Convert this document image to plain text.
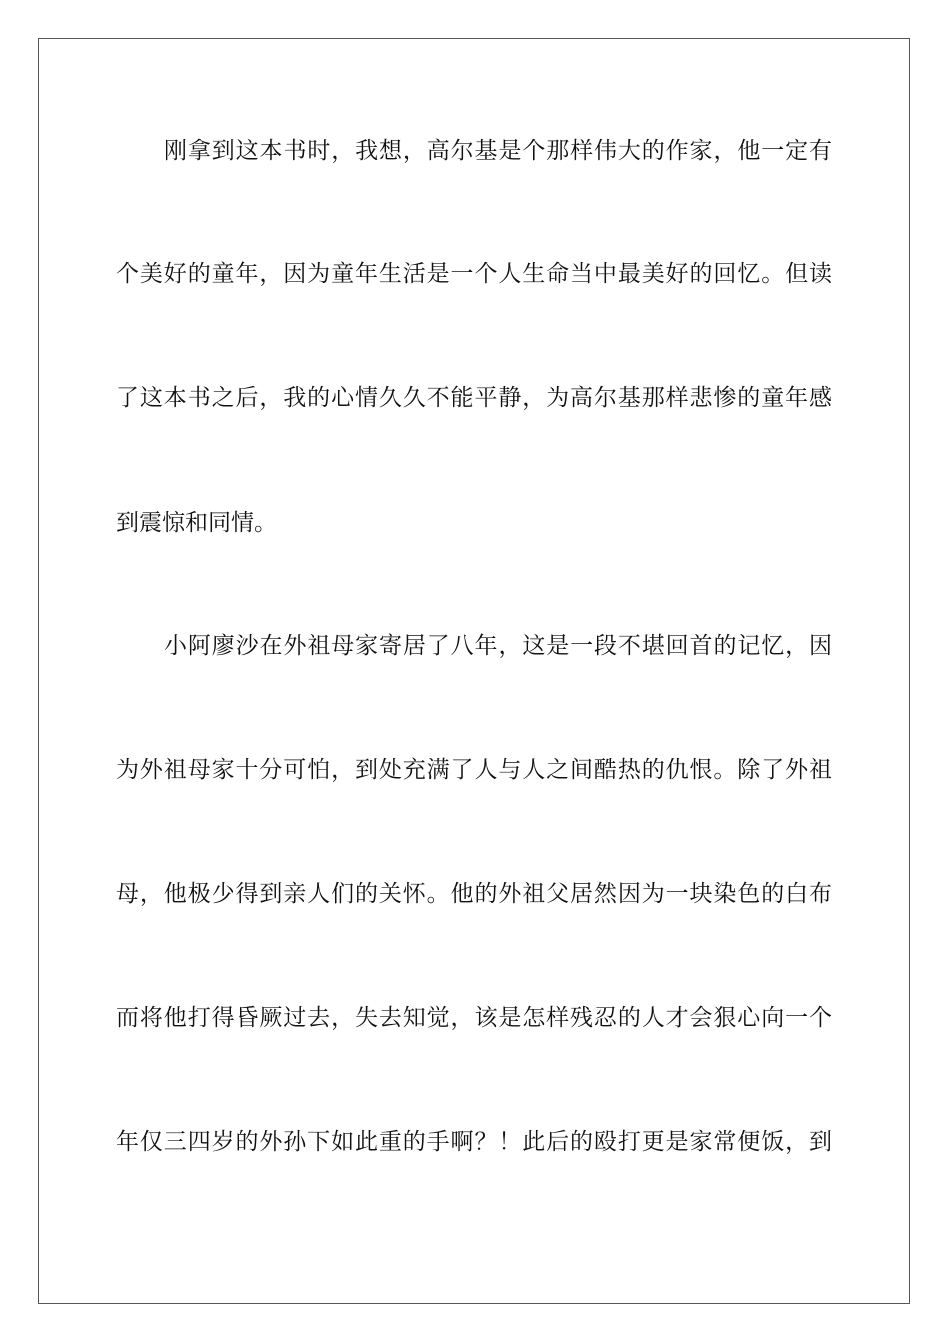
刚拿到这本书时，我想，高尔基是个那样伟大的作家，他一定有
个美好的童年，因为童年生活是一个人生命当中最美好的回忆。但读
了这本书之后，我的心情久久不能平静，为高尔基那样悲惨的童年感
到震惊和同情。
小阿廖沙在外祖母家寄居了八年，这是一段不堪回首的记忆，因
为外祖母家十分可怕，到处充满了人与人之间酷热的仇恨。除了外祖
母，他极少得到亲人们的关怀。他的外祖父居然因为一块染色的白布
而将他打得昏厥过去，失去知觉，该是怎样残忍的人才会狠心向一个
年仅三四岁的外孙下如此重的手啊？！此后的殴打更是家常便饭，到
